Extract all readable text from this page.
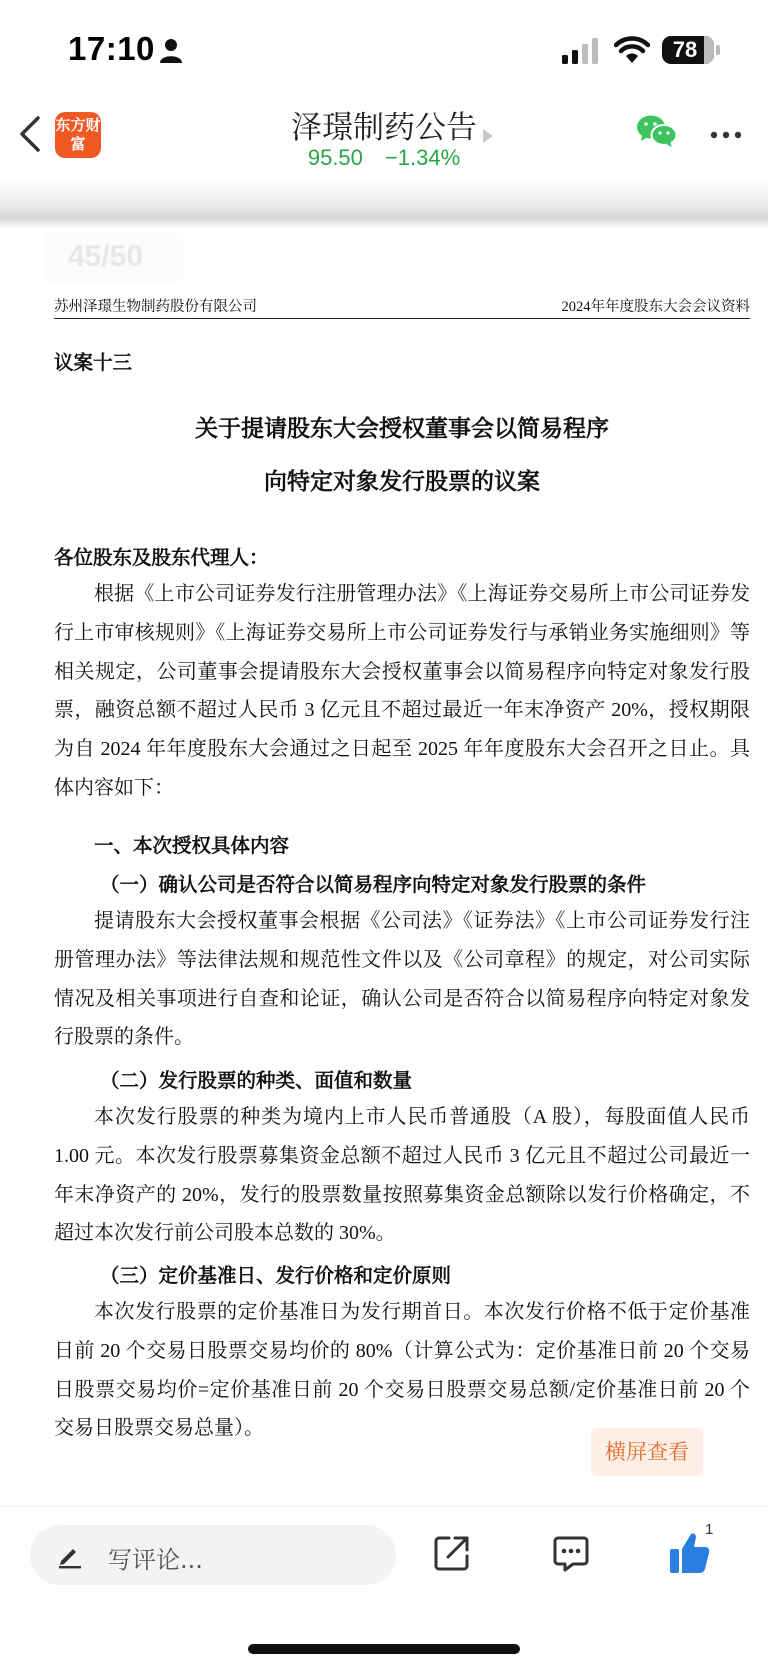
17:10	78
东方财富	泽璟制药公告
95.50 −1.34%
45/50
苏州泽璟生物制药股份有限公司	2024年年度股东大会会议资料
议案十三
关于提请股东大会授权董事会以简易程序
向特定对象发行股票的议案
各位股东及股东代理人：
根据《上市公司证券发行注册管理办法》《上海证券交易所上市公司证券发行上市审核规则》《上海证券交易所上市公司证券发行与承销业务实施细则》等相关规定，公司董事会提请股东大会授权董事会以简易程序向特定对象发行股票，融资总额不超过人民币 3 亿元且不超过最近一年末净资产 20%，授权期限为自 2024 年年度股东大会通过之日起至 2025 年年度股东大会召开之日止。具体内容如下：
一、本次授权具体内容
（一）确认公司是否符合以简易程序向特定对象发行股票的条件
提请股东大会授权董事会根据《公司法》《证券法》《上市公司证券发行注册管理办法》等法律法规和规范性文件以及《公司章程》的规定，对公司实际情况及相关事项进行自查和论证，确认公司是否符合以简易程序向特定对象发行股票的条件。
（二）发行股票的种类、面值和数量
本次发行股票的种类为境内上市人民币普通股（A 股），每股面值人民币 1.00 元。本次发行股票募集资金总额不超过人民币 3 亿元且不超过公司最近一年末净资产的 20%，发行的股票数量按照募集资金总额除以发行价格确定，不超过本次发行前公司股本总数的 30%。
（三）定价基准日、发行价格和定价原则
本次发行股票的定价基准日为发行期首日。本次发行价格不低于定价基准日前 20 个交易日股票交易均价的 80%（计算公式为：定价基准日前 20 个交易日股票交易均价=定价基准日前 20 个交易日股票交易总额/定价基准日前 20 个交易日股票交易总量）。
横屏查看
写评论...
1
